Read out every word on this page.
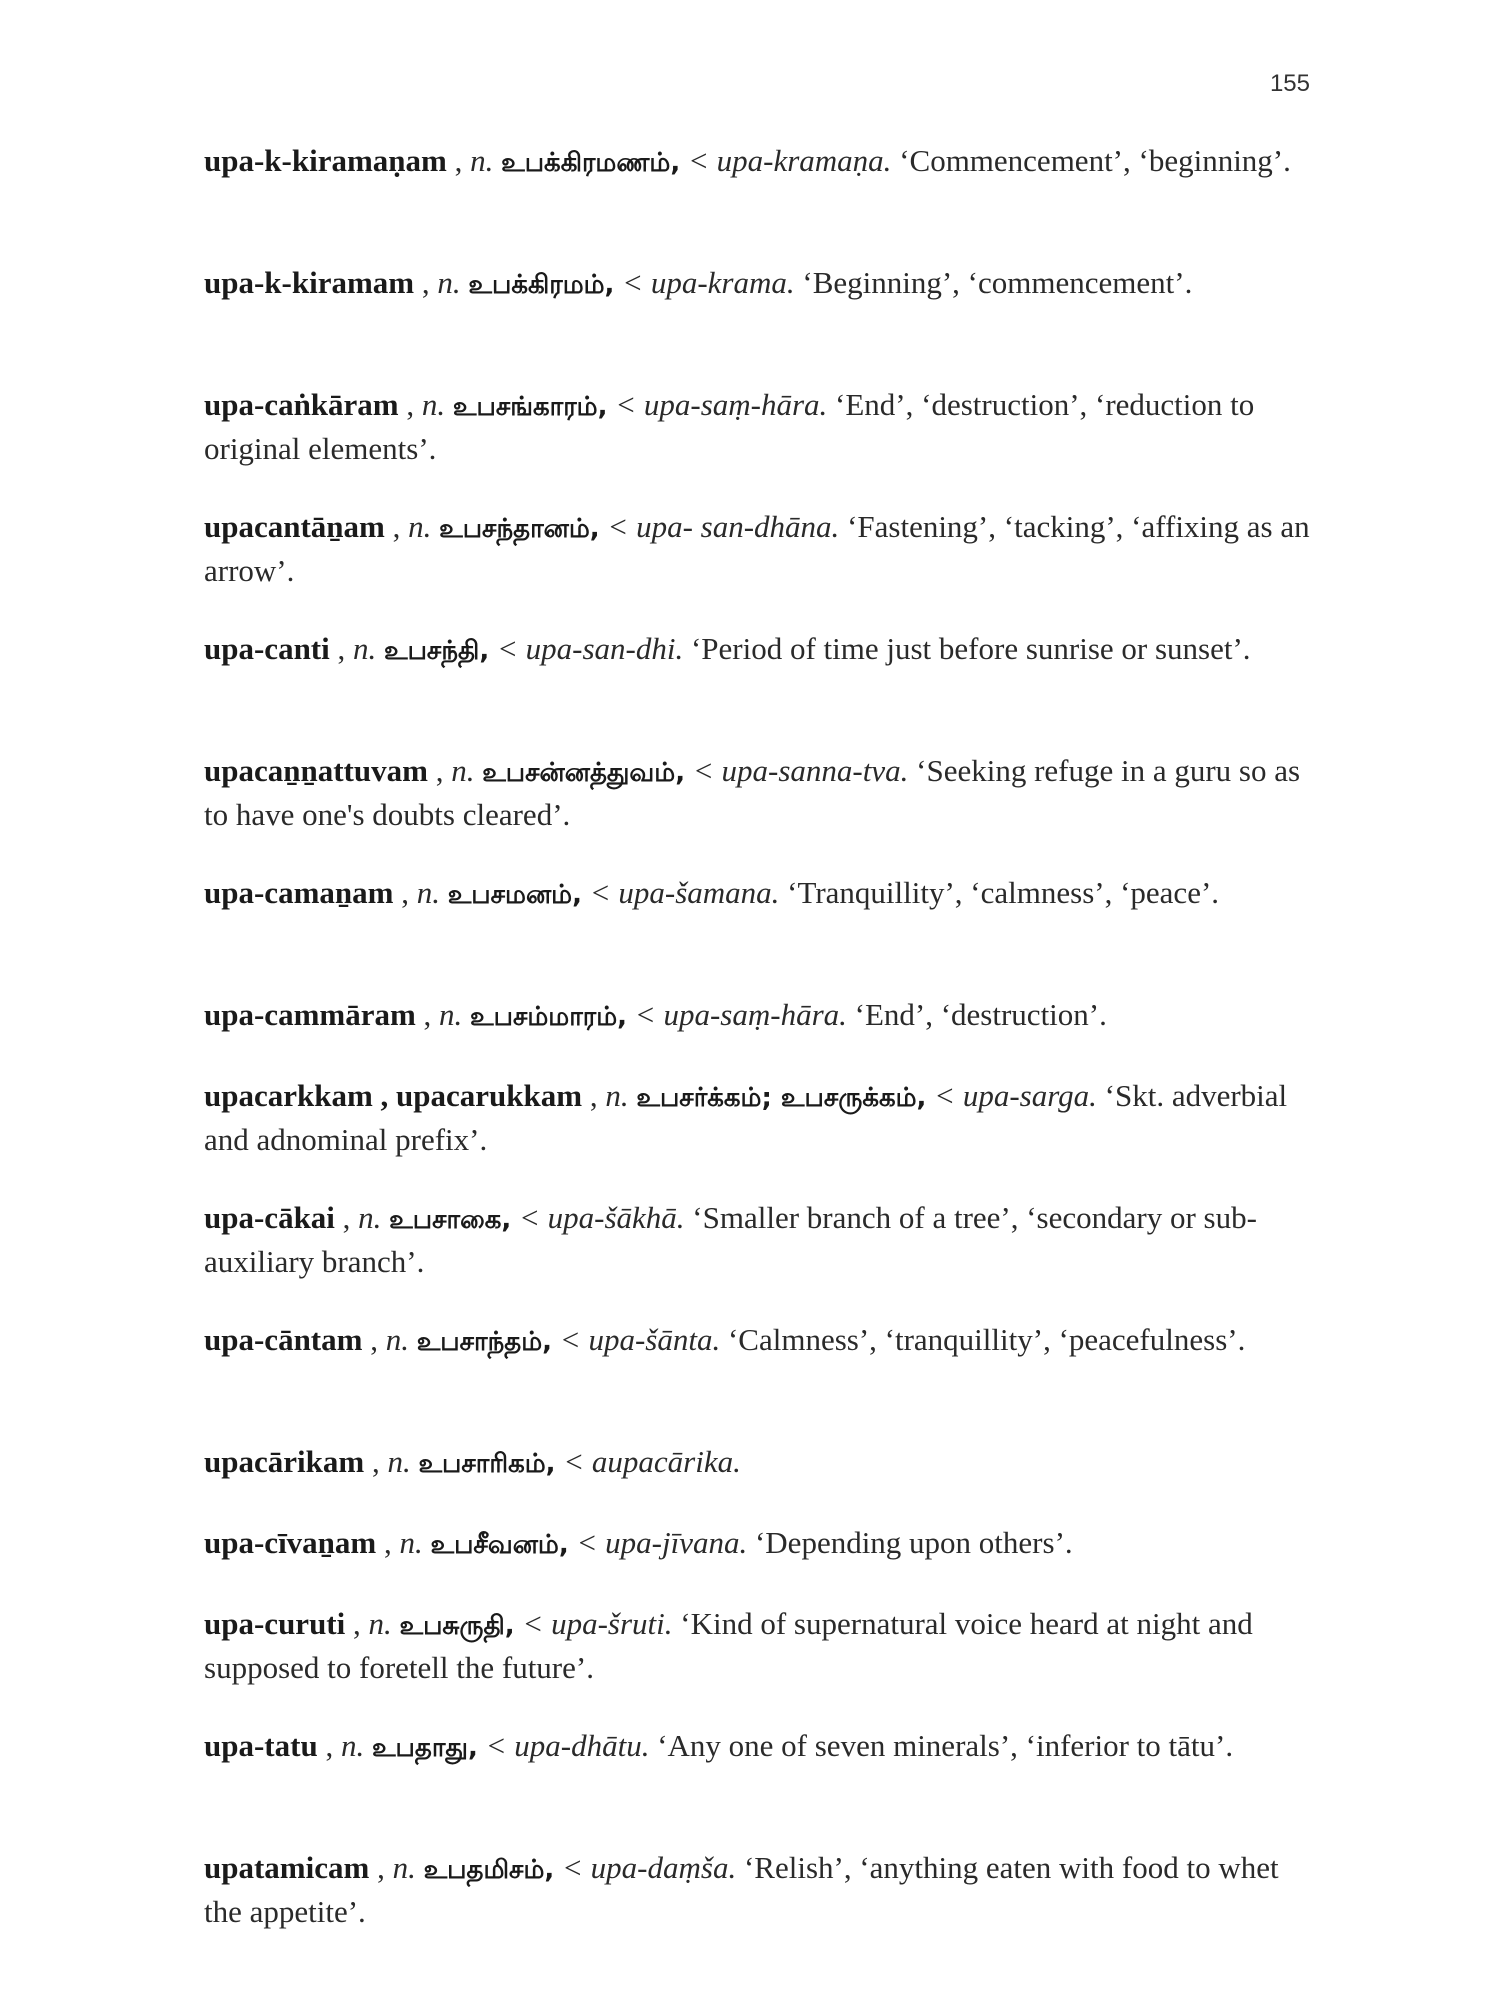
155
upa-k-kiramaṇam , n. உபக்கிரமணம், < upa-kramaṇa. ‘Commencement’, ‘beginning’.
upa-k-kiramam , n. உபக்கிரமம், < upa-krama. ‘Beginning’, ‘commencement’.
upa-caṅkāram , n. உபசங்காரம், < upa-saṃ-hāra. ‘End’, ‘destruction’, ‘reduction to original elements’.
upacantāṉam , n. உபசந்தானம், < upa- san-dhāna. ‘Fastening’, ‘tacking’, ‘affixing as an arrow’.
upa-canti , n. உபசந்தி, < upa-san-dhi. ‘Period of time just before sunrise or sunset’.
upacaṉṉattuvam , n. உபசன்னத்துவம், < upa-sanna-tva. ‘Seeking refuge in a guru so as to have one's doubts cleared’.
upa-camaṉam , n. உபசமனம், < upa-šamana. ‘Tranquillity’, ‘calmness’, ‘peace’.
upa-cammāram , n. உபசம்மாரம், < upa-saṃ-hāra. ‘End’, ‘destruction’.
upacarkkam , upacarukkam , n. உபசர்க்கம்; உபசருக்கம், < upa-sarga. ‘Skt. adverbial and adnominal prefix’.
upa-cākai , n. உபசாகை, < upa-šākhā. ‘Smaller branch of a tree’, ‘secondary or sub-auxiliary branch’.
upa-cāntam , n. உபசாந்தம், < upa-šānta. ‘Calmness’, ‘tranquillity’, ‘peacefulness’.
upacārikam , n. உபசாரிகம், < aupacārika.
upa-cīvaṉam , n. உபசீவனம், < upa-jīvana. ‘Depending upon others’.
upa-curuti , n. உபசுருதி, < upa-šruti. ‘Kind of supernatural voice heard at night and supposed to foretell the future’.
upa-tatu , n. உபதாது, < upa-dhātu. ‘Any one of seven minerals’, ‘inferior to tātu’.
upatamicam , n. உபதமிசம், < upa-daṃša. ‘Relish’, ‘anything eaten with food to whet the appetite’.
